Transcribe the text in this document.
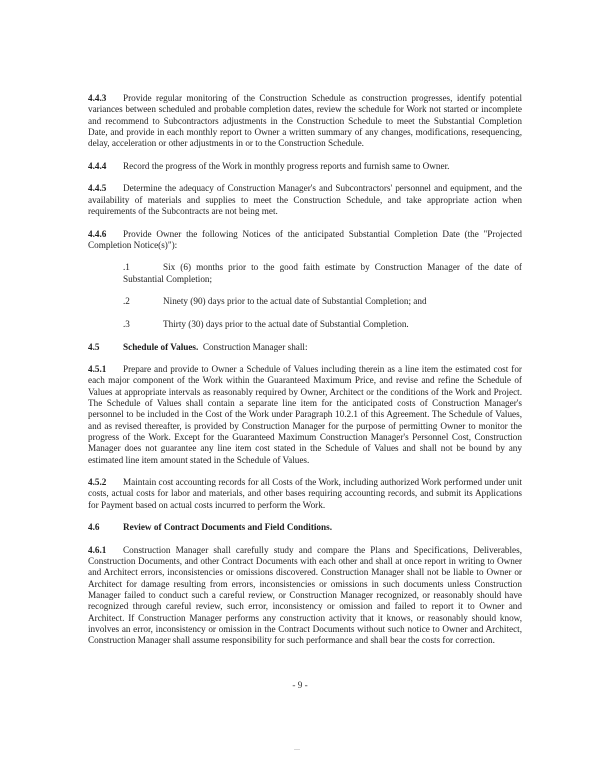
4.4.3 Provide regular monitoring of the Construction Schedule as construction progresses, identify potential variances between scheduled and probable completion dates, review the schedule for Work not started or incomplete and recommend to Subcontractors adjustments in the Construction Schedule to meet the Substantial Completion Date, and provide in each monthly report to Owner a written summary of any changes, modifications, resequencing, delay, acceleration or other adjustments in or to the Construction Schedule.

4.4.4 Record the progress of the Work in monthly progress reports and furnish same to Owner.

4.4.5 Determine the adequacy of Construction Manager's and Subcontractors' personnel and equipment, and the availability of materials and supplies to meet the Construction Schedule, and take appropriate action when requirements of the Subcontracts are not being met.

4.4.6 Provide Owner the following Notices of the anticipated Substantial Completion Date (the "Projected Completion Notice(s)"):

.1	Six (6) months prior to the good faith estimate by Construction Manager of the date of Substantial Completion;

.2	Ninety (90) days prior to the actual date of Substantial Completion; and

.3	Thirty (30) days prior to the actual date of Substantial Completion.

4.5	Schedule of Values. Construction Manager shall:

4.5.1 Prepare and provide to Owner a Schedule of Values including therein as a line item the estimated cost for each major component of the Work within the Guaranteed Maximum Price, and revise and refine the Schedule of Values at appropriate intervals as reasonably required by Owner, Architect or the conditions of the Work and Project. The Schedule of Values shall contain a separate line item for the anticipated costs of Construction Manager's personnel to be included in the Cost of the Work under Paragraph 10.2.1 of this Agreement. The Schedule of Values, and as revised thereafter, is provided by Construction Manager for the purpose of permitting Owner to monitor the progress of the Work. Except for the Guaranteed Maximum Construction Manager's Personnel Cost, Construction Manager does not guarantee any line item cost stated in the Schedule of Values and shall not be bound by any estimated line item amount stated in the Schedule of Values.

4.5.2 Maintain cost accounting records for all Costs of the Work, including authorized Work performed under unit costs, actual costs for labor and materials, and other bases requiring accounting records, and submit its Applications for Payment based on actual costs incurred to perform the Work.

4.6	Review of Contract Documents and Field Conditions.

4.6.1 Construction Manager shall carefully study and compare the Plans and Specifications, Deliverables, Construction Documents, and other Contract Documents with each other and shall at once report in writing to Owner and Architect errors, inconsistencies or omissions discovered. Construction Manager shall not be liable to Owner or Architect for damage resulting from errors, inconsistencies or omissions in such documents unless Construction Manager failed to conduct such a careful review, or Construction Manager recognized, or reasonably should have recognized through careful review, such error, inconsistency or omission and failed to report it to Owner and Architect. If Construction Manager performs any construction activity that it knows, or reasonably should know, involves an error, inconsistency or omission in the Contract Documents without such notice to Owner and Architect, Construction Manager shall assume responsibility for such performance and shall bear the costs for correction.

- 9 -
